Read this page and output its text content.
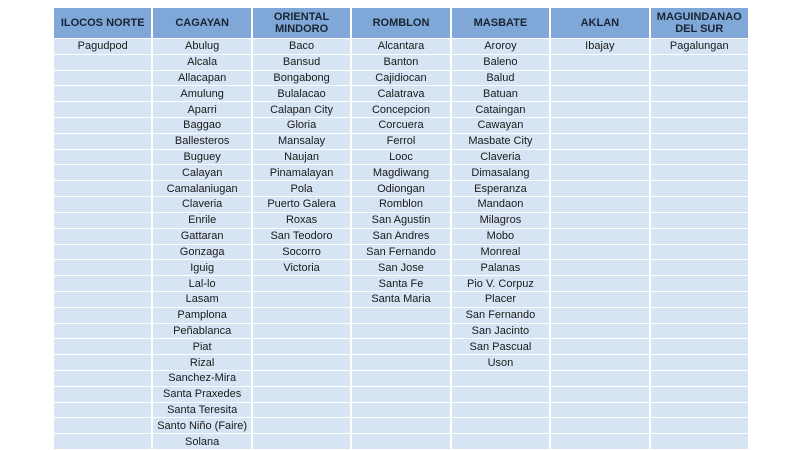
ILOCOS NORTE
Pagudpod
CAGAYAN
Abulug
Alcala
Allacapan
Amulung
Aparri
Baggao
Ballesteros
Buguey
Calayan
Camalaniugan
Claveria
Enrile
Gattaran
Gonzaga
Iguig
Lal-lo
Lasam
Pamplona
Peñablanca
Piat
Rizal
Sanchez-Mira
Santa Praxedes
Santa Teresita
Santo Niño (Faire)
Solana
ORIENTAL MINDORO
Baco
Bansud
Bongabong
Bulalacao
Calapan City
Gloria
Mansalay
Naujan
Pinamalayan
Pola
Puerto Galera
Roxas
San Teodoro
Socorro
Victoria
ROMBLON
Alcantara
Banton
Cajidiocan
Calatrava
Concepcion
Corcuera
Ferrol
Looc
Magdiwang
Odiongan
Romblon
San Agustin
San Andres
San Fernando
San Jose
Santa Fe
Santa Maria
MASBATE
Aroroy
Baleno
Balud
Batuan
Cataingan
Cawayan
Masbate City
Claveria
Dimasalang
Esperanza
Mandaon
Milagros
Mobo
Monreal
Palanas
Pio V. Corpuz
Placer
San Fernando
San Jacinto
San Pascual
Uson
AKLAN
Ibajay
MAGUINDANAO DEL SUR
Pagalungan
